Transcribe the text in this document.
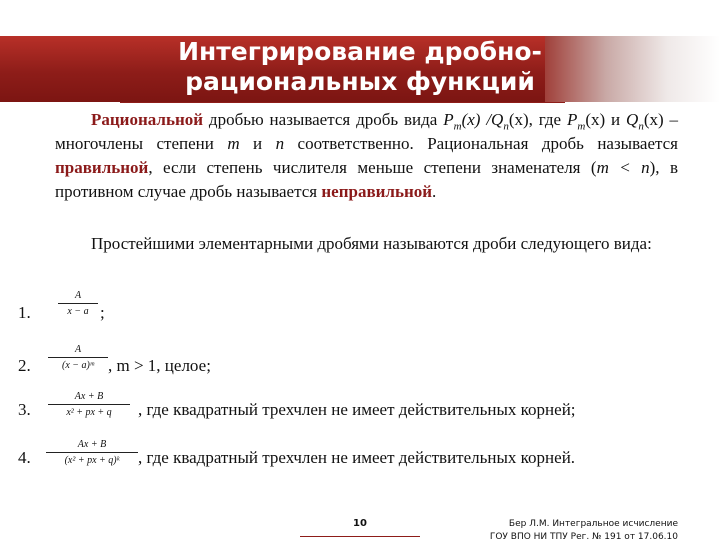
Интегрирование дробно-
рациональных функций

Рациональной дробью называется дробь вида $P_m(x)$ $/Q_n(x)$, где $P_m(x)$ и $Q_n(x)$ – многочлены степени m и n соответственно. Рациональная дробь называется правильной, если степень числителя меньше степени знаменателя (m < n), в противном случае дробь называется неправильной.

Простейшими элементарными дробями называются дроби следующего вида:

1.
A
x − a ;
2.
A
(x − a)ᵐ , m > 1, целое;
3.
Ax + B
x² + px + q	, где квадратный трехчлен не имеет действительных корней;
4.
Ax + B
(x² + px + q)ᵏ	, где квадратный трехчлен не имеет действительных корней.
10	Бер Л.М. Интегральное исчисление
ГОУ ВПО НИ ТПУ Рег. № 191 от 17.06.10
